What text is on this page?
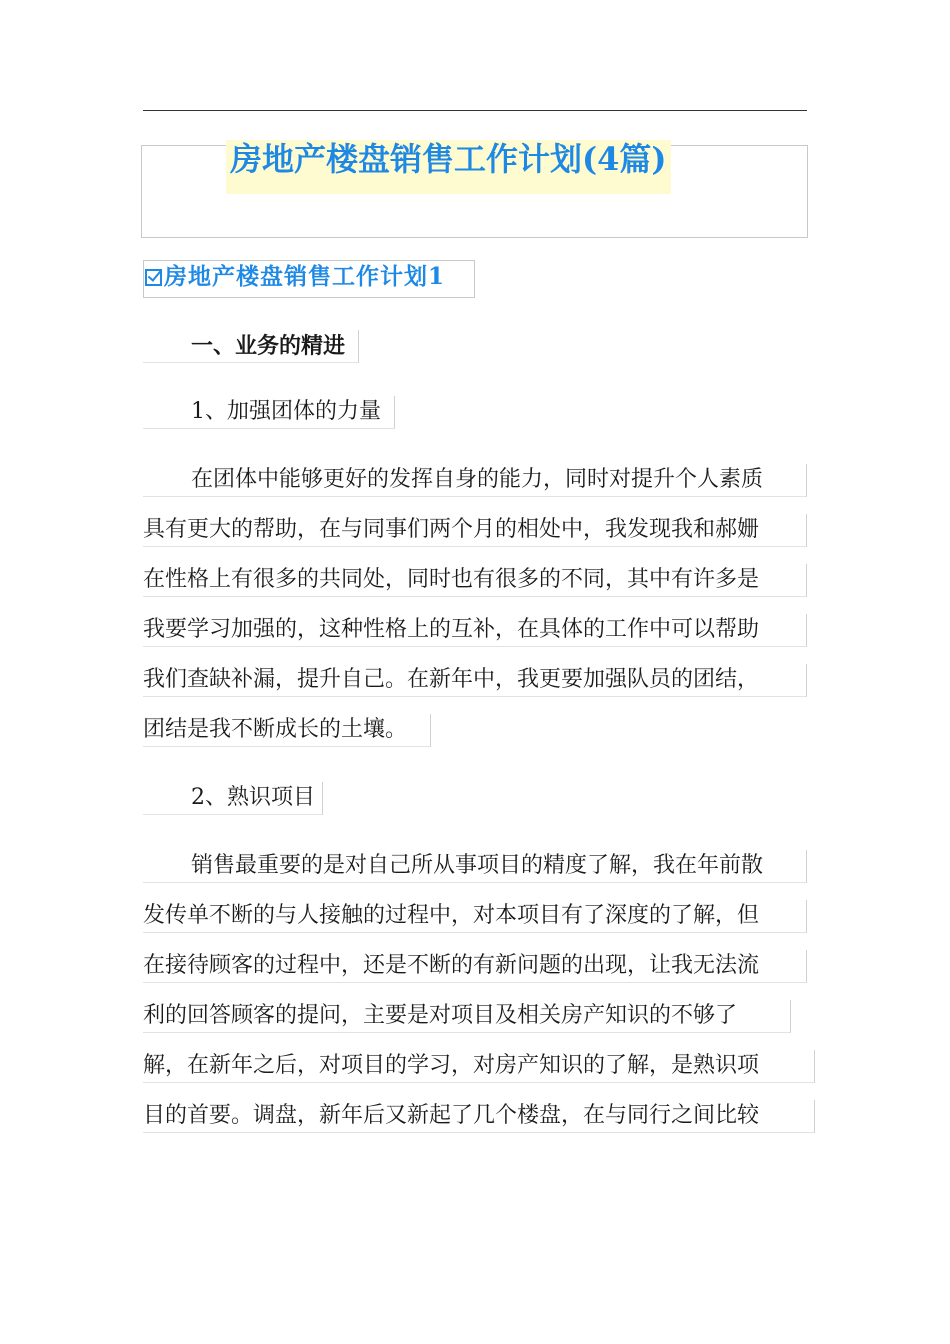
房地产楼盘销售工作计划(4篇)
房地产楼盘销售工作计划1
一、业务的精进
1、加强团体的力量
在团体中能够更好的发挥自身的能力，同时对提升个人素质
具有更大的帮助，在与同事们两个月的相处中，我发现我和郝姗
在性格上有很多的共同处，同时也有很多的不同，其中有许多是
我要学习加强的，这种性格上的互补，在具体的工作中可以帮助
我们查缺补漏，提升自己。在新年中，我更要加强队员的团结，
团结是我不断成长的土壤。
2、熟识项目
销售最重要的是对自己所从事项目的精度了解，我在年前散
发传单不断的与人接触的过程中，对本项目有了深度的了解，但
在接待顾客的过程中，还是不断的有新问题的出现，让我无法流
利的回答顾客的提问，主要是对项目及相关房产知识的不够了
解，在新年之后，对项目的学习，对房产知识的了解，是熟识项
目的首要。调盘，新年后又新起了几个楼盘，在与同行之间比较
